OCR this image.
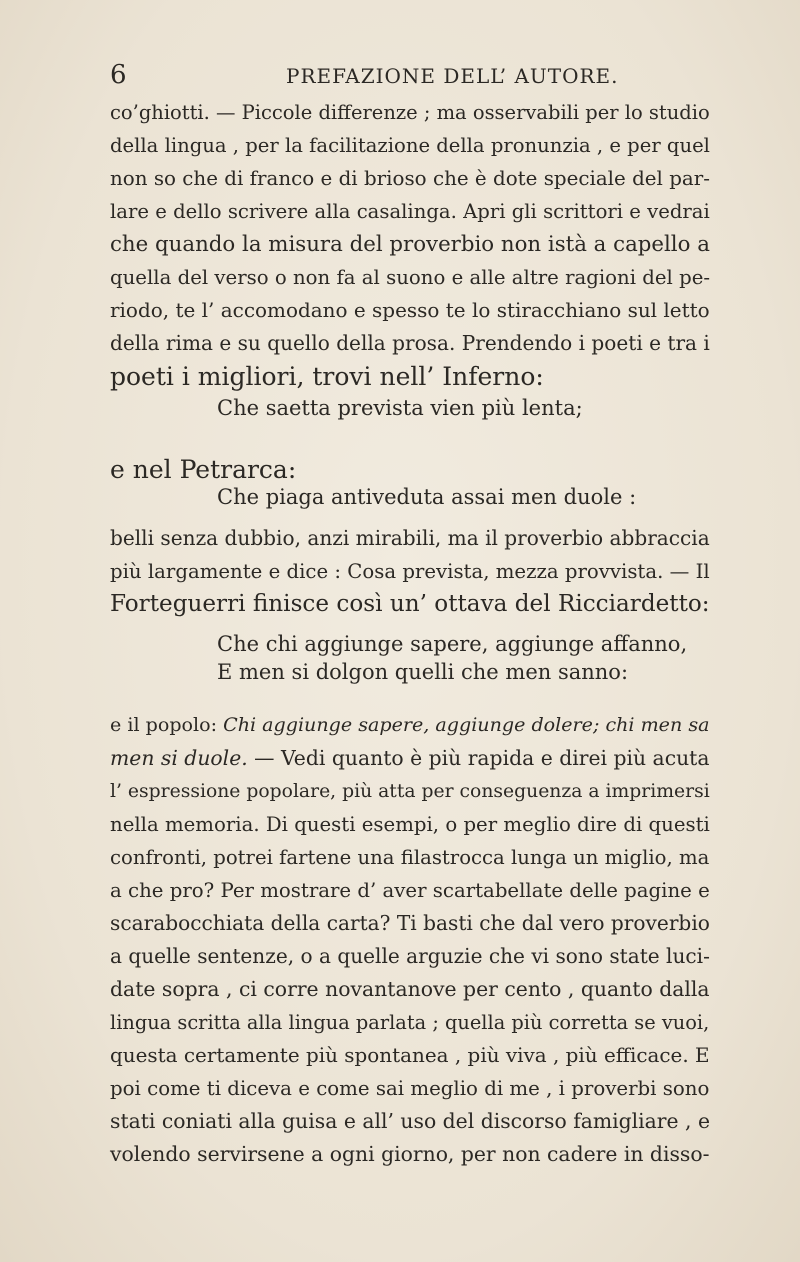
6	PREFAZIONE DELL’ AUTORE.
co’ghiotti. — Piccole differenze ; ma osservabili per lo studio
della lingua , per la facilitazione della pronunzia , e per quel
non so che di franco e di brioso che è dote speciale del par-
lare e dello scrivere alla casalinga. Apri gli scrittori e vedrai
che quando la misura del proverbio non istà a capello a
quella del verso o non fa al suono e alle altre ragioni del pe-
riodo, te l’ accomodano e spesso te lo stiracchiano sul letto
della rima e su quello della prosa. Prendendo i poeti e tra i
poeti i migliori, trovi nell’ Inferno:
Che saetta prevista vien più lenta;
e nel Petrarca:
Che piaga antiveduta assai men duole :
belli senza dubbio, anzi mirabili, ma il proverbio abbraccia
più largamente e dice : Cosa prevista, mezza provvista. — Il
Forteguerri finisce così un’ ottava del Ricciardetto:
Che chi aggiunge sapere, aggiunge affanno,
E men si dolgon quelli che men sanno:
e il popolo: Chi aggiunge sapere, aggiunge dolere; chi men sa
men si duole. — Vedi quanto è più rapida e direi più acuta
l’ espressione popolare, più atta per conseguenza a imprimersi
nella memoria. Di questi esempi, o per meglio dire di questi
confronti, potrei fartene una filastrocca lunga un miglio, ma
a che pro? Per mostrare d’ aver scartabellate delle pagine e
scarabocchiata della carta? Ti basti che dal vero proverbio
a quelle sentenze, o a quelle arguzie che vi sono state luci-
date sopra , ci corre novantanove per cento , quanto dalla
lingua scritta alla lingua parlata ; quella più corretta se vuoi,
questa certamente più spontanea , più viva , più efficace. E
poi come ti diceva e come sai meglio di me , i proverbi sono
stati coniati alla guisa e all’ uso del discorso famigliare , e
volendo servirsene a ogni giorno, per non cadere in disso-
